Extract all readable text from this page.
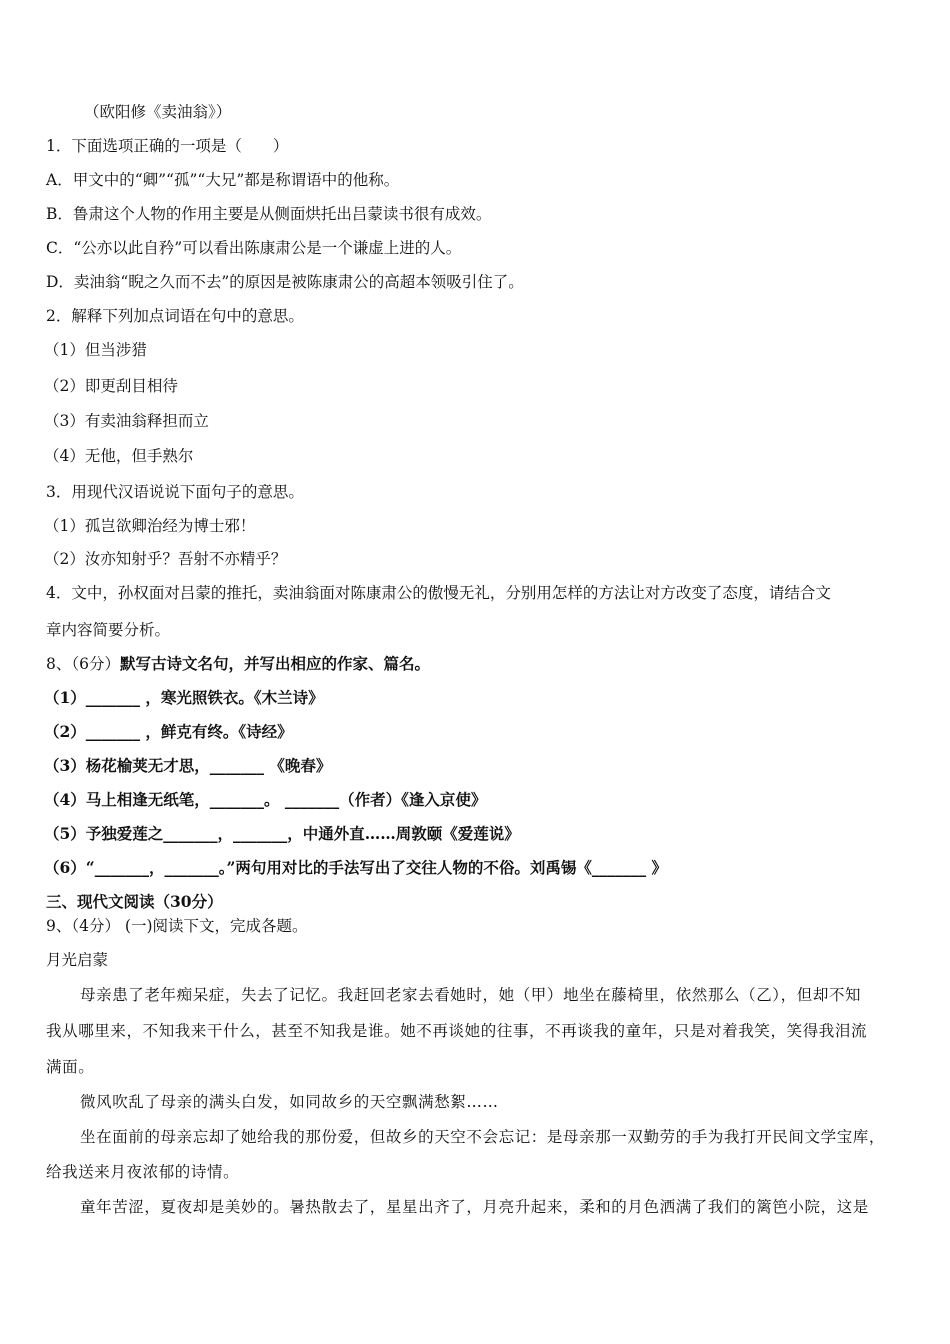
（欧阳修《卖油翁》）
1．下面选项正确的一项是（　　）
A．甲文中的“卿”“孤”“大兄”都是称谓语中的他称。
B．鲁肃这个人物的作用主要是从侧面烘托出吕蒙读书很有成效。
C．“公亦以此自矜”可以看出陈康肃公是一个谦虚上进的人。
D．卖油翁“睨之久而不去”的原因是被陈康肃公的高超本领吸引住了。
2．解释下列加点词语在句中的意思。
（1）但当涉猎
（2）即更刮目相待
（3）有卖油翁释担而立
（4）无他，但手熟尔
3．用现代汉语说说下面句子的意思。
（1）孤岂欲卿治经为博士邪！
（2）汝亦知射乎？吾射不亦精乎？
4．文中，孙权面对吕蒙的推托，卖油翁面对陈康肃公的傲慢无礼，分别用怎样的方法让对方改变了态度，请结合文
章内容简要分析。
8、（6分）默写古诗文名句，并写出相应的作家、篇名。
（1）_______ ，寒光照铁衣。《木兰诗》
（2）_______ ，鲜克有终。《诗经》
（3）杨花榆荚无才思，_______ 《晚春》
（4）马上相逢无纸笔，_______。 _______（作者）《逢入京使》
（5）予独爱莲之_______，_______，中通外直……周敦颐《爱莲说》
（6）“_______，_______。”两句用对比的手法写出了交往人物的不俗。刘禹锡《_______ 》
三、现代文阅读（30分）
9、（4分） (一)阅读下文，完成各题。
月光启蒙
母亲患了老年痴呆症，失去了记忆。我赶回老家去看她时，她（甲）地坐在藤椅里，依然那么（乙），但却不知
我从哪里来，不知我来干什么，甚至不知我是谁。她不再谈她的往事，不再谈我的童年，只是对着我笑，笑得我泪流
满面。
微风吹乱了母亲的满头白发，如同故乡的天空飘满愁絮……
坐在面前的母亲忘却了她给我的那份爱，但故乡的天空不会忘记：是母亲那一双勤劳的手为我打开民间文学宝库，
给我送来月夜浓郁的诗情。
童年苦涩，夏夜却是美妙的。暑热散去了，星星出齐了，月亮升起来，柔和的月色洒满了我们的篱笆小院，这是
